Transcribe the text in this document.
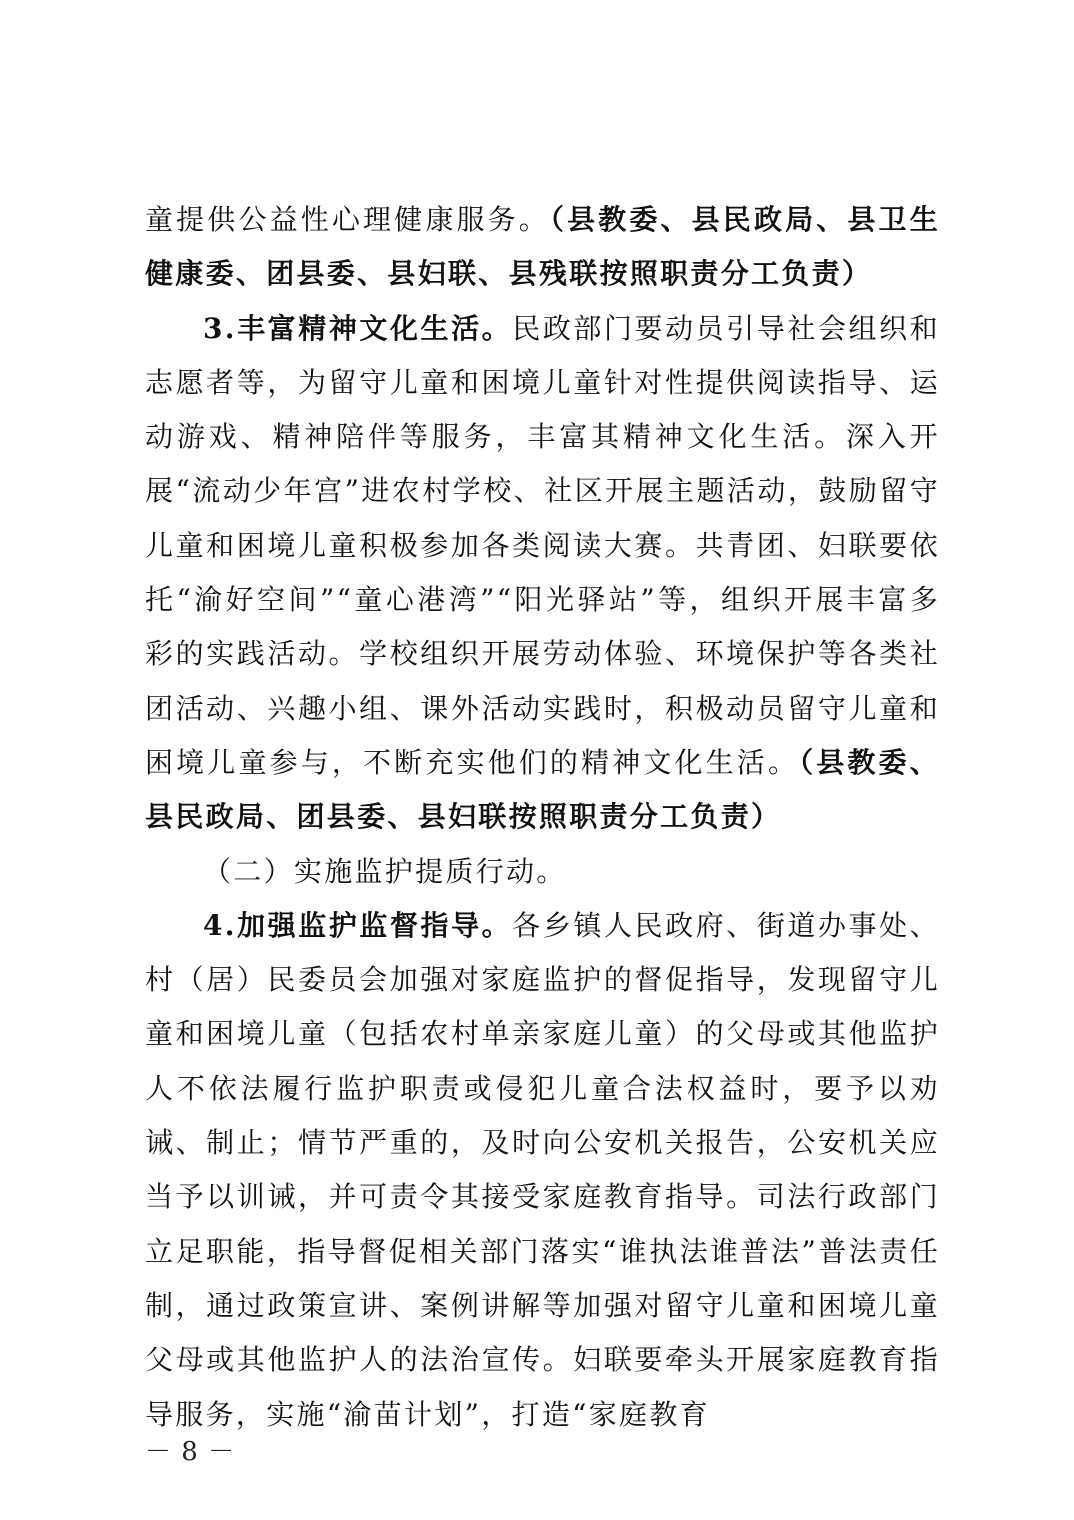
童提供公益性心理健康服务。（县教委、县民政局、县卫生健康委、团县委、县妇联、县残联按照职责分工负责）

3.丰富精神文化生活。民政部门要动员引导社会组织和志愿者等，为留守儿童和困境儿童针对性提供阅读指导、运动游戏、精神陪伴等服务，丰富其精神文化生活。深入开展“流动少年宫”进农村学校、社区开展主题活动，鼓励留守儿童和困境儿童积极参加各类阅读大赛。共青团、妇联要依托“渝好空间”“童心港湾”“阳光驿站”等，组织开展丰富多彩的实践活动。学校组织开展劳动体验、环境保护等各类社团活动、兴趣小组、课外活动实践时，积极动员留守儿童和困境儿童参与，不断充实他们的精神文化生活。（县教委、县民政局、团县委、县妇联按照职责分工负责）

（二）实施监护提质行动。

4.加强监护监督指导。各乡镇人民政府、街道办事处、村（居）民委员会加强对家庭监护的督促指导，发现留守儿童和困境儿童（包括农村单亲家庭儿童）的父母或其他监护人不依法履行监护职责或侵犯儿童合法权益时，要予以劝诫、制止；情节严重的，及时向公安机关报告，公安机关应当予以训诫，并可责令其接受家庭教育指导。司法行政部门立足职能，指导督促相关部门落实“谁执法谁普法”普法责任制，通过政策宣讲、案例讲解等加强对留守儿童和困境儿童父母或其他监护人的法治宣传。妇联要牵头开展家庭教育指导服务，实施“渝苗计划”，打造“家庭教育

－ 8 －
